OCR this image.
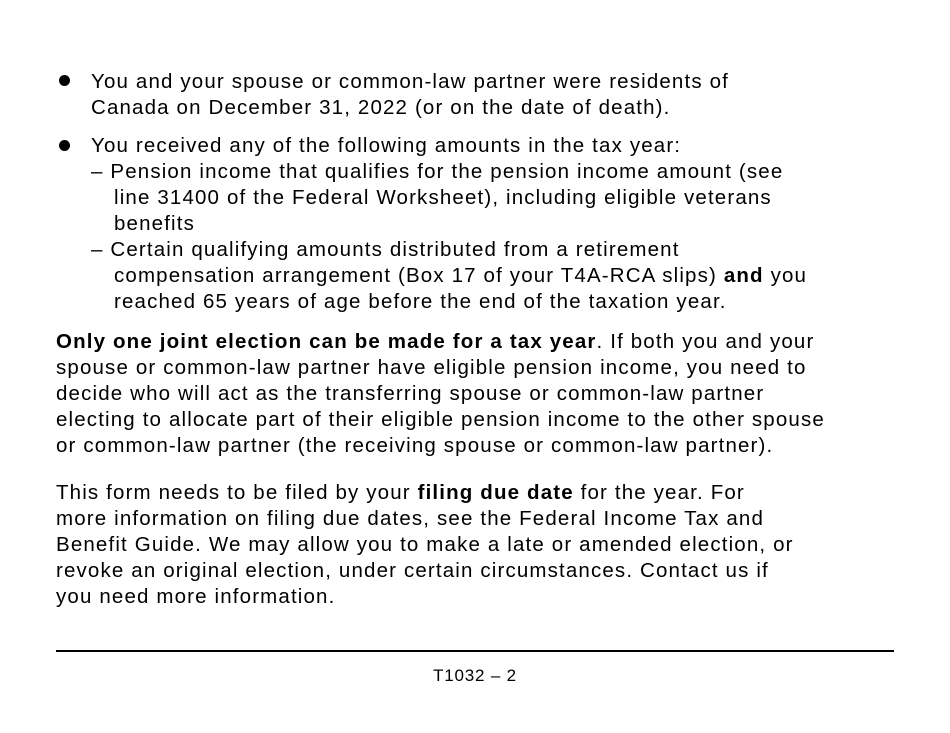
You and your spouse or common-law partner were residents of
Canada on December 31, 2022 (or on the date of death).
You received any of the following amounts in the tax year:
– Pension income that qualifies for the pension income amount (see
line 31400 of the Federal Worksheet), including eligible veterans
benefits
– Certain qualifying amounts distributed from a retirement
compensation arrangement (Box 17 of your T4A-RCA slips) and you
reached 65 years of age before the end of the taxation year.
Only one joint election can be made for a tax year. If both you and your
spouse or common-law partner have eligible pension income, you need to
decide who will act as the transferring spouse or common-law partner
electing to allocate part of their eligible pension income to the other spouse
or common-law partner (the receiving spouse or common-law partner).
This form needs to be filed by your filing due date for the year. For
more information on filing due dates, see the Federal Income Tax and
Benefit Guide. We may allow you to make a late or amended election, or
revoke an original election, under certain circumstances. Contact us if
you need more information.
T1032 – 2
